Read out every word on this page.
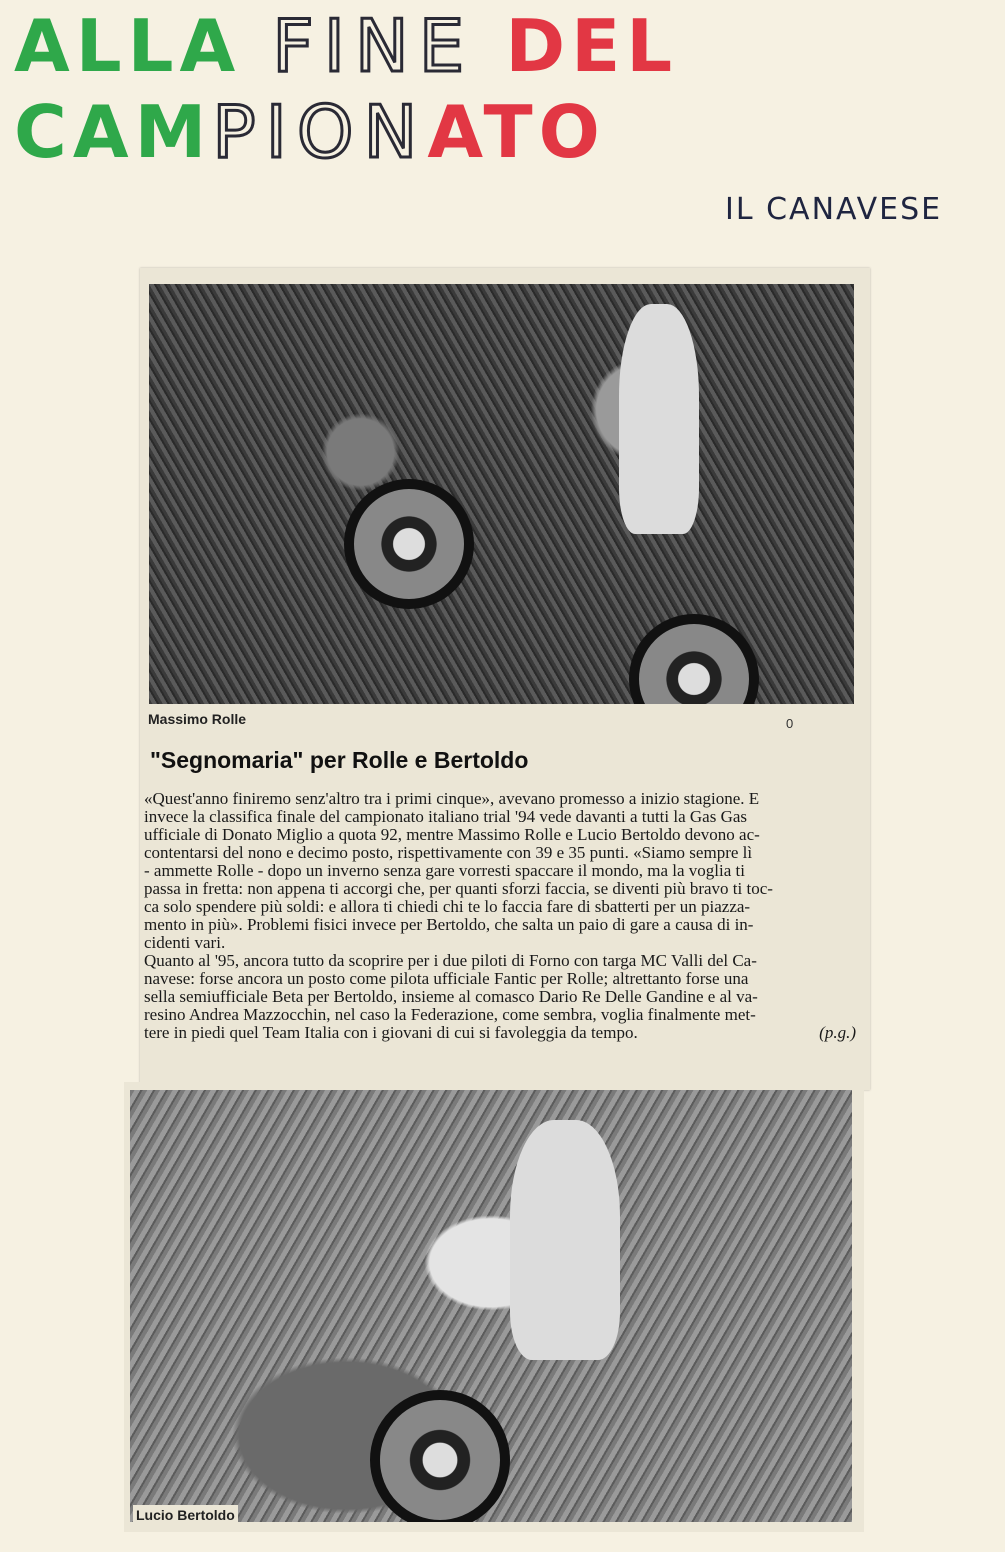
ALLA FINE DEL
CAMPIONATO
IL CANAVESE
Massimo Rolle	0
"Segnomaria" per Rolle e Bertoldo

«Quest'anno finiremo senz'altro tra i primi cinque», avevano promesso a inizio stagione. E

invece la classifica finale del campionato italiano trial '94 vede davanti a tutti la Gas Gas

ufficiale di Donato Miglio a quota 92, mentre Massimo Rolle e Lucio Bertoldo devono ac-

contentarsi del nono e decimo posto, rispettivamente con 39 e 35 punti. «Siamo sempre lì

- ammette Rolle - dopo un inverno senza gare vorresti spaccare il mondo, ma la voglia ti

passa in fretta: non appena ti accorgi che, per quanti sforzi faccia, se diventi più bravo ti toc-

ca solo spendere più soldi: e allora ti chiedi chi te lo faccia fare di sbatterti per un piazza-

mento in più». Problemi fisici invece per Bertoldo, che salta un paio di gare a causa di in-

cidenti vari.

Quanto al '95, ancora tutto da scoprire per i due piloti di Forno con targa MC Valli del Ca-

navese: forse ancora un posto come pilota ufficiale Fantic per Rolle; altrettanto forse una

sella semiufficiale Beta per Bertoldo, insieme al comasco Dario Re Delle Gandine e al va-

resino Andrea Mazzocchin, nel caso la Federazione, come sembra, voglia finalmente met-

tere in piedi quel Team Italia con i giovani di cui si favoleggia da tempo.	(p.g.)

Lucio Bertoldo
